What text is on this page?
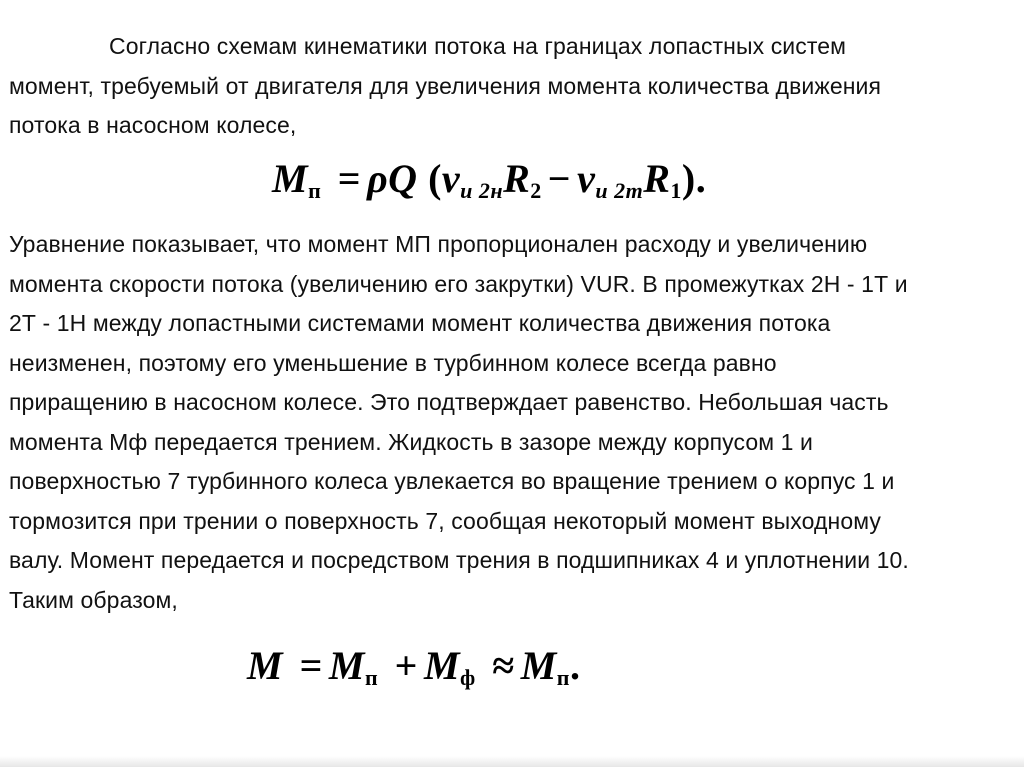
Согласно схемам кинематики потока на границах лопастных систем
момент, требуемый от двигателя для увеличения момента количества движения
потока в насосном колесе,
$M_п = \rho Q$ $(v_{u 2н}R_2 - v_{u 2т}R_1)$.
Уравнение показывает, что момент МП пропорционален расходу и увеличению
момента скорости потока (увеличению его закрутки) VUR. В промежутках 2Н - 1Т и
2Т - 1Н между лопастными системами момент количества движения потока
неизменен, поэтому его уменьшение в турбинном колесе всегда равно
приращению в насосном колесе. Это подтверждает равенство. Небольшая часть
момента Мф передается трением. Жидкость в зазоре между корпусом 1 и
поверхностью 7 турбинного колеса увлекается во вращение трением о корпус 1 и
тормозится при трении о поверхность 7, сообщая некоторый момент выходному
валу. Момент передается и посредством трения в подшипниках 4 и уплотнении 10.
Таким образом,
$M = M_п + M_ф \approx M_п$.
